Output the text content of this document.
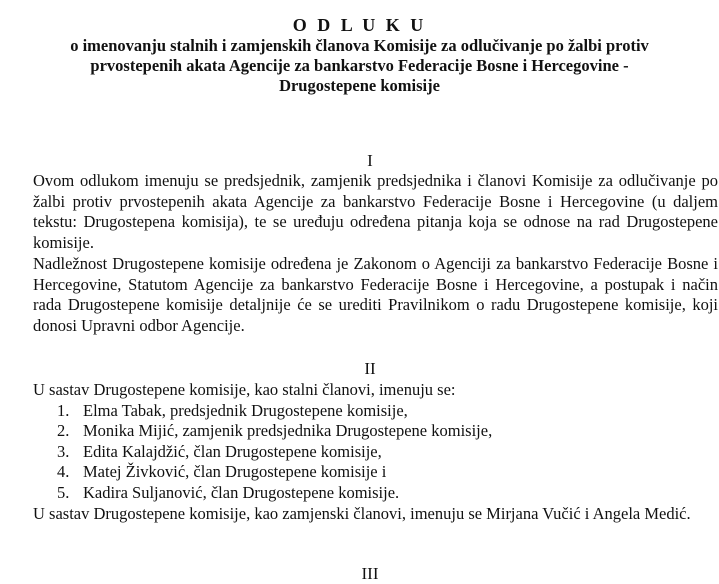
O D L U K U
o imenovanju stalnih i zamjenskih članova Komisije za odlučivanje po žalbi protiv
prvostepenih akata Agencije za bankarstvo Federacije Bosne i Hercegovine -
Drugostepene komisije
I
Ovom odlukom imenuju se predsjednik, zamjenik predsjednika i članovi Komisije za odlučivanje po žalbi protiv prvostepenih akata Agencije za bankarstvo Federacije Bosne i Hercegovine (u daljem tekstu: Drugostepena komisija), te se uređuju određena pitanja koja se odnose na rad Drugostepene komisije.
Nadležnost Drugostepene komisije određena je Zakonom o Agenciji za bankarstvo Federacije Bosne i Hercegovine, Statutom Agencije za bankarstvo Federacije Bosne i Hercegovine, a postupak i način rada Drugostepene komisije detaljnije će se urediti Pravilnikom o radu Drugostepene komisije, koji donosi Upravni odbor Agencije.
II
U sastav Drugostepene komisije, kao stalni članovi, imenuju se:
1. Elma Tabak, predsjednik Drugostepene komisije,
2. Monika Mijić, zamjenik predsjednika Drugostepene komisije,
3. Edita Kalajdžić, član Drugostepene komisije,
4. Matej Živković, član Drugostepene komisije i
5. Kadira Suljanović, član Drugostepene komisije.
U sastav Drugostepene komisije, kao zamjenski članovi, imenuju se Mirjana Vučić i Angela Medić.
III
